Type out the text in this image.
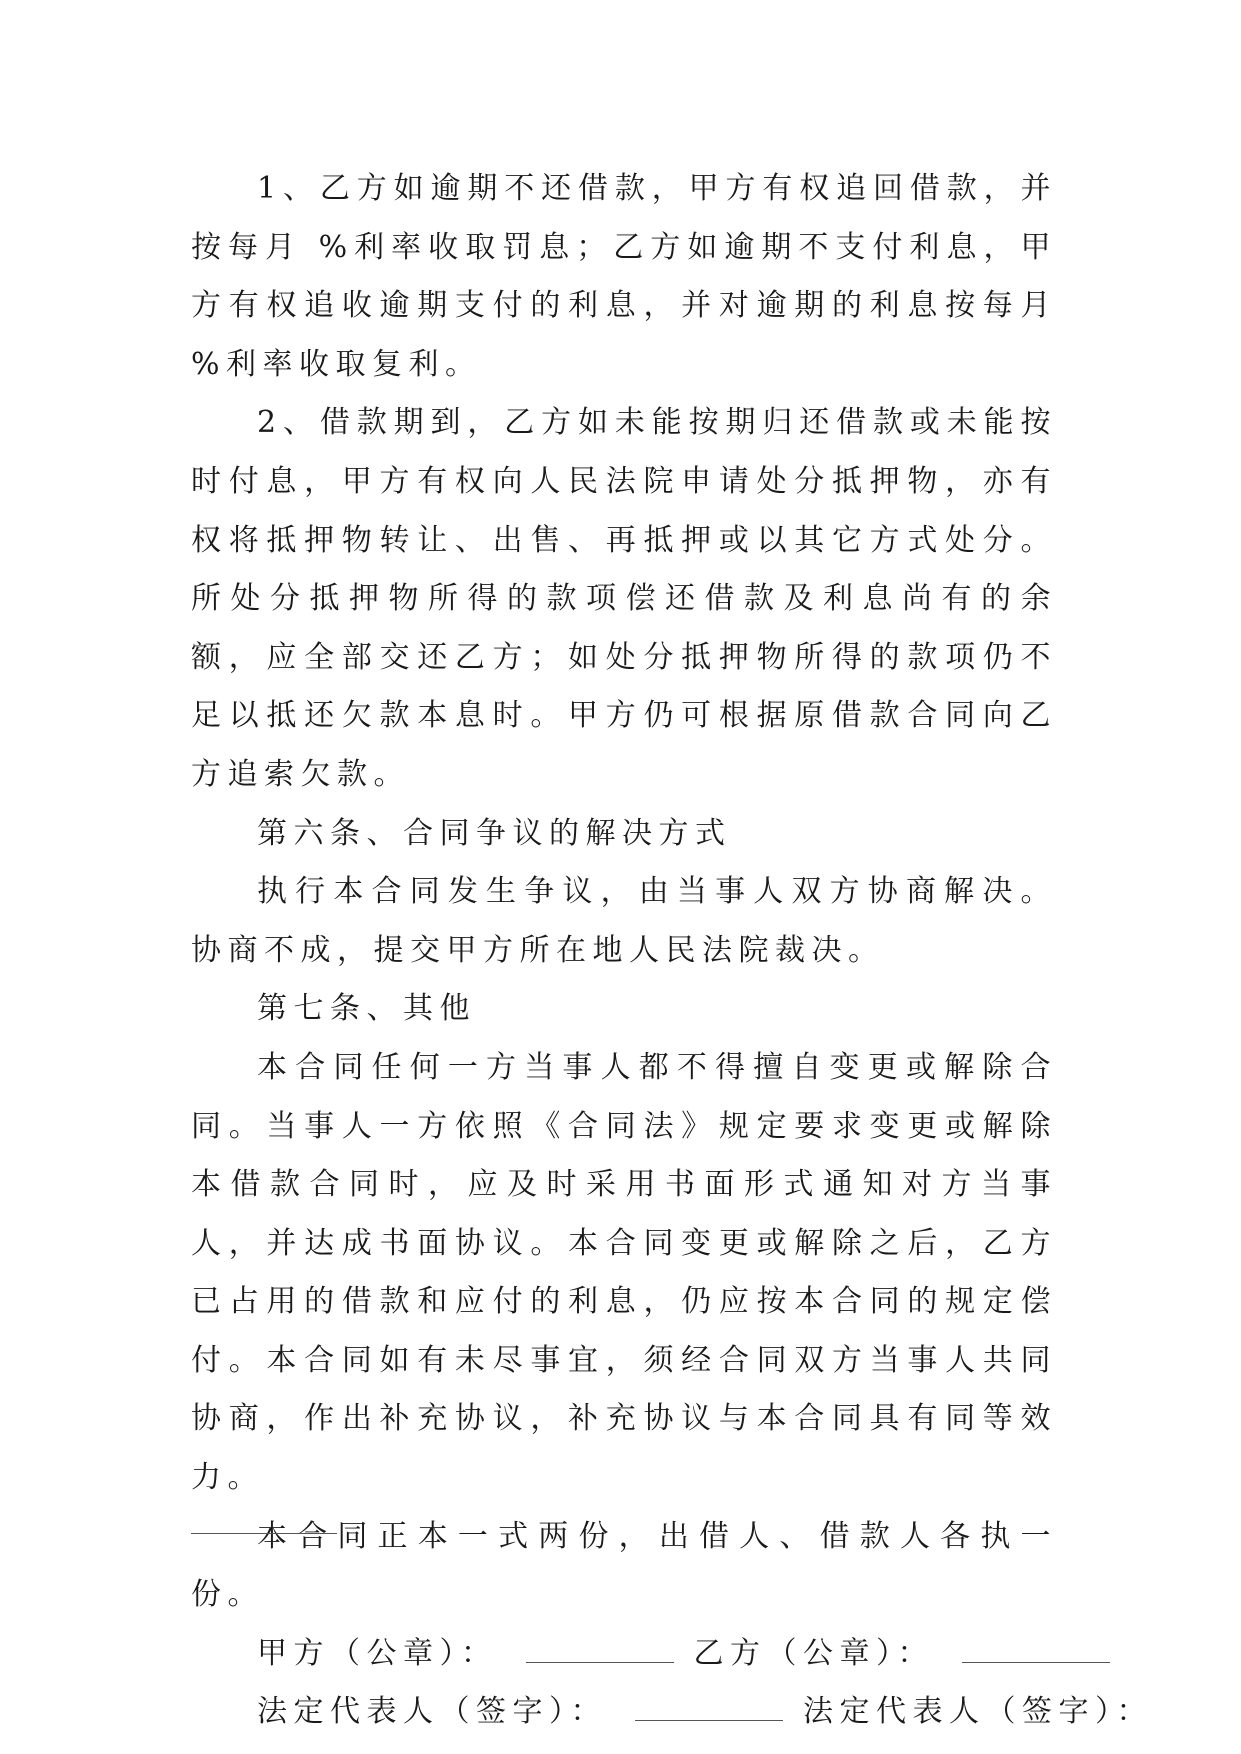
1、乙方如逾期不还借款，甲方有权追回借款，并按每月 %利率收取罚息；乙方如逾期不支付利息，甲方有权追收逾期支付的利息，并对逾期的利息按每月 %利率收取复利。

2、借款期到，乙方如未能按期归还借款或未能按时付息，甲方有权向人民法院申请处分抵押物，亦有权将抵押物转让、出售、再抵押或以其它方式处分。所处分抵押物所得的款项偿还借款及利息尚有的余额，应全部交还乙方；如处分抵押物所得的款项仍不足以抵还欠款本息时。甲方仍可根据原借款合同向乙方追索欠款。

第六条、合同争议的解决方式

执行本合同发生争议，由当事人双方协商解决。协商不成，提交甲方所在地人民法院裁决。

第七条、其他

本合同任何一方当事人都不得擅自变更或解除合同。当事人一方依照《合同法》规定要求变更或解除本借款合同时，应及时采用书面形式通知对方当事人，并达成书面协议。本合同变更或解除之后，乙方已占用的借款和应付的利息，仍应按本合同的规定偿付。本合同如有未尽事宜，须经合同双方当事人共同协商，作出补充协议，补充协议与本合同具有同等效力。

本合同正本一式两份，出借人、借款人各执一份。

甲方（公章）：	乙方（公章）：
法定代表人（签字）：	法定代表人（签字）：
